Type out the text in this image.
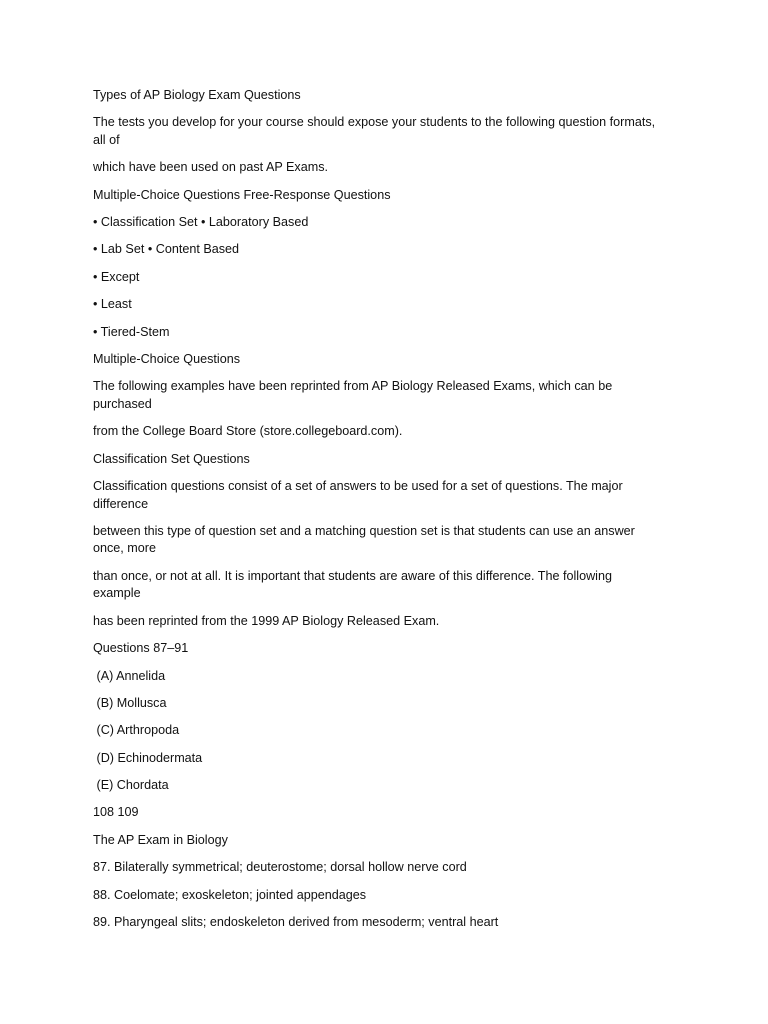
Types of AP Biology Exam Questions

The tests you develop for your course should expose your students to the following question formats, all of

which have been used on past AP Exams.

Multiple-Choice Questions Free-Response Questions

• Classification Set • Laboratory Based

• Lab Set • Content Based

• Except

• Least

• Tiered-Stem

Multiple-Choice Questions

The following examples have been reprinted from AP Biology Released Exams, which can be purchased

from the College Board Store (store.collegeboard.com).

Classification Set Questions

Classification questions consist of a set of answers to be used for a set of questions. The major difference

between this type of question set and a matching question set is that students can use an answer once, more

than once, or not at all. It is important that students are aware of this difference. The following example

has been reprinted from the 1999 AP Biology Released Exam.

Questions 87–91

(A) Annelida

(B) Mollusca

(C) Arthropoda

(D) Echinodermata

(E) Chordata

108 109

The AP Exam in Biology

87. Bilaterally symmetrical; deuterostome; dorsal hollow nerve cord

88. Coelomate; exoskeleton; jointed appendages

89. Pharyngeal slits; endoskeleton derived from mesoderm; ventral heart
